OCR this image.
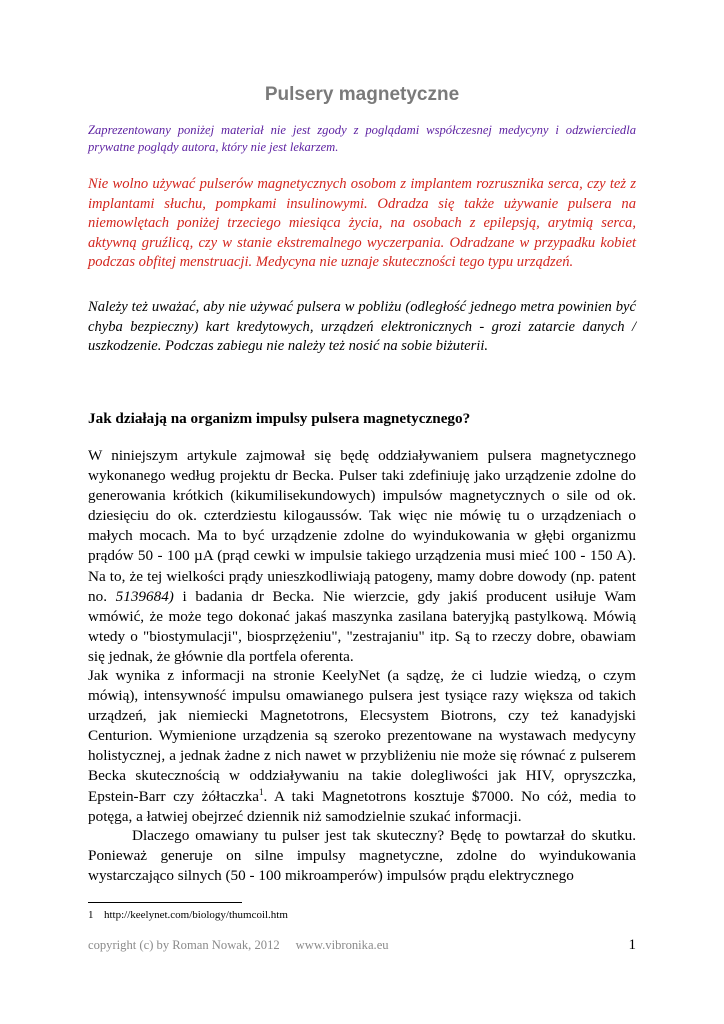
Pulsery magnetyczne

Zaprezentowany poniżej materiał nie jest zgody z poglądami współczesnej medycyny i odzwierciedla prywatne poglądy autora, który nie jest lekarzem.

Nie wolno używać pulserów magnetycznych osobom z implantem rozrusznika serca, czy też z implantami słuchu, pompkami insulinowymi. Odradza się także używanie pulsera na niemowlętach poniżej trzeciego miesiąca życia, na osobach z epilepsją, arytmią serca, aktywną gruźlicą, czy w stanie ekstremalnego wyczerpania. Odradzane w przypadku kobiet podczas obfitej menstruacji. Medycyna nie uznaje skuteczności tego typu urządzeń.

Należy też uważać, aby nie używać pulsera w pobliżu (odległość jednego metra powinien być chyba bezpieczny) kart kredytowych, urządzeń elektronicznych - grozi zatarcie danych / uszkodzenie. Podczas zabiegu nie należy też nosić na sobie biżuterii.

Jak działają na organizm impulsy pulsera magnetycznego?

W niniejszym artykule zajmował się będę oddziaływaniem pulsera magnetycznego wykonanego według projektu dr Becka. Pulser taki zdefiniuję jako urządzenie zdolne do generowania krótkich (kikumilisekundowych) impulsów magnetycznych o sile od ok. dziesięciu do ok. czterdziestu kilogaussów. Tak więc nie mówię tu o urządzeniach o małych mocach. Ma to być urządzenie zdolne do wyindukowania w głębi organizmu prądów 50 - 100 µA (prąd cewki w impulsie takiego urządzenia musi mieć 100 - 150 A). Na to, że tej wielkości prądy unieszkodliwiają patogeny, mamy dobre dowody (np. patent no. 5139684) i badania dr Becka. Nie wierzcie, gdy jakiś producent usiłuje Wam wmówić, że może tego dokonać jakaś maszynka zasilana bateryjką pastylkową. Mówią wtedy o "biostymulacji", biosprzężeniu", "zestrajaniu" itp. Są to rzeczy dobre, obawiam się jednak, że głównie dla portfela oferenta.

Jak wynika z informacji na stronie KeelyNet (a sądzę, że ci ludzie wiedzą, o czym mówią), intensywność impulsu omawianego pulsera jest tysiące razy większa od takich urządzeń, jak niemiecki Magnetotrons, Elecsystem Biotrons, czy też kanadyjski Centurion. Wymienione urządzenia są szeroko prezentowane na wystawach medycyny holistycznej, a jednak żadne z nich nawet w przybliżeniu nie może się równać z pulserem Becka skutecznością w oddziaływaniu na takie dolegliwości jak HIV, opryszczka, Epstein-Barr czy żółtaczka$^1$. A taki Magnetotrons kosztuje $7000. No cóż, media to potęga, a łatwiej obejrzeć dziennik niż samodzielnie szukać informacji.

Dlaczego omawiany tu pulser jest tak skuteczny? Będę to powtarzał do skutku. Ponieważ generuje on silne impulsy magnetyczne, zdolne do wyindukowania wystarczająco silnych (50 - 100 mikroamperów) impulsów prądu elektrycznego

1 http://keelynet.com/biology/thumcoil.htm
copyright (c) by Roman Nowak, 2012 www.vibronika.eu	1
